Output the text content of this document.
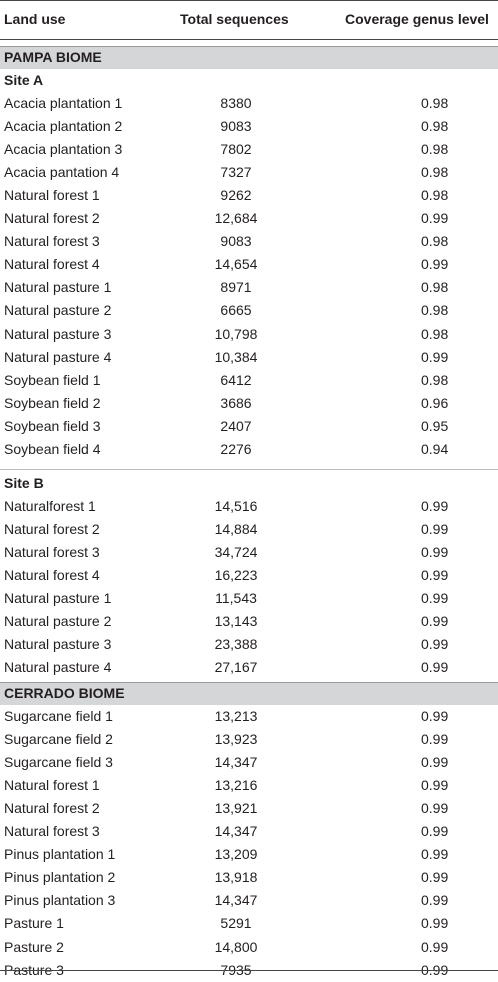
Land use	Total sequences	Coverage genus level
PAMPA BIOME
Site A
Acacia plantation 1	8380	0.98
Acacia plantation 2	9083	0.98
Acacia plantation 3	7802	0.98
Acacia pantation 4	7327	0.98
Natural forest 1	9262	0.98
Natural forest 2	12,684	0.99
Natural forest 3	9083	0.98
Natural forest 4	14,654	0.99
Natural pasture 1	8971	0.98
Natural pasture 2	6665	0.98
Natural pasture 3	10,798	0.98
Natural pasture 4	10,384	0.99
Soybean field 1	6412	0.98
Soybean field 2	3686	0.96
Soybean field 3	2407	0.95
Soybean field 4	2276	0.94
Site B
Naturalforest 1	14,516	0.99
Natural forest 2	14,884	0.99
Natural forest 3	34,724	0.99
Natural forest 4	16,223	0.99
Natural pasture 1	11,543	0.99
Natural pasture 2	13,143	0.99
Natural pasture 3	23,388	0.99
Natural pasture 4	27,167	0.99
CERRADO BIOME
Sugarcane field 1	13,213	0.99
Sugarcane field 2	13,923	0.99
Sugarcane field 3	14,347	0.99
Natural forest 1	13,216	0.99
Natural forest 2	13,921	0.99
Natural forest 3	14,347	0.99
Pinus plantation 1	13,209	0.99
Pinus plantation 2	13,918	0.99
Pinus plantation 3	14,347	0.99
Pasture 1	5291	0.99
Pasture 2	14,800	0.99
Pasture 3	7935	0.99
